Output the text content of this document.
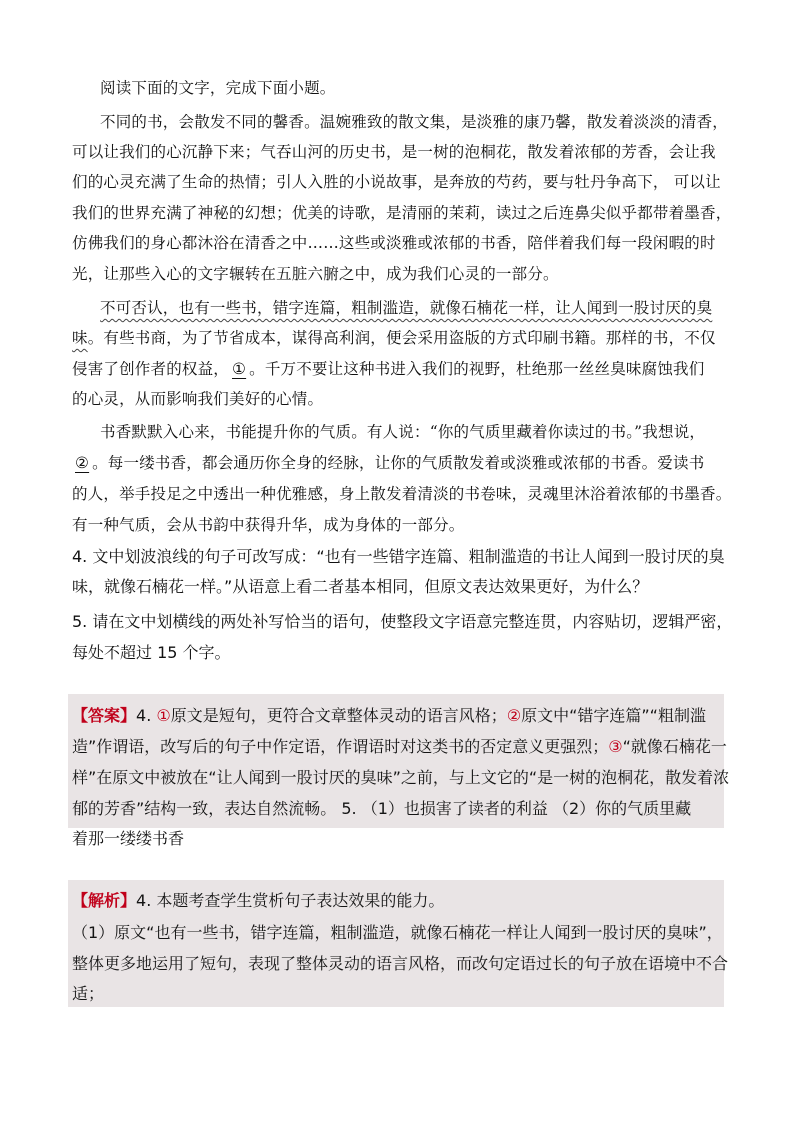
阅读下面的文字，完成下面小题。
不同的书，会散发不同的馨香。温婉雅致的散文集，是淡雅的康乃馨，散发着淡淡的清香，
可以让我们的心沉静下来；气吞山河的历史书，是一树的泡桐花，散发着浓郁的芳香，会让我
们的心灵充满了生命的热情；引人入胜的小说故事，是奔放的芍药，要与牡丹争高下， 可以让
我们的世界充满了神秘的幻想；优美的诗歌，是清丽的茉莉，读过之后连鼻尖似乎都带着墨香，
仿佛我们的身心都沐浴在清香之中……这些或淡雅或浓郁的书香，陪伴着我们每一段闲暇的时
光，让那些入心的文字辗转在五脏六腑之中，成为我们心灵的一部分。
不可否认，也有一些书，错字连篇，粗制滥造，就像石楠花一样，让人闻到一股讨厌的臭
味。有些书商，为了节省成本，谋得高利润，便会采用盗版的方式印刷书籍。那样的书，不仅
侵害了创作者的权益， ① 。千万不要让这种书进入我们的视野，杜绝那一丝丝臭味腐蚀我们
的心灵，从而影响我们美好的心情。
书香默默入心来，书能提升你的气质。有人说：“你的气质里藏着你读过的书。”我想说，
② 。每一缕书香，都会通历你全身的经脉，让你的气质散发着或淡雅或浓郁的书香。爱读书
的人，举手投足之中透出一种优雅感，身上散发着清淡的书卷味，灵魂里沐浴着浓郁的书墨香。
有一种气质，会从书韵中获得升华，成为身体的一部分。
4. 文中划波浪线的句子可改写成：“也有一些错字连篇、粗制滥造的书让人闻到一股讨厌的臭
味，就像石楠花一样。”从语意上看二者基本相同，但原文表达效果更好，为什么？
5. 请在文中划横线的两处补写恰当的语句，使整段文字语意完整连贯，内容贴切，逻辑严密，
每处不超过 15 个字。
【答案】4. ①原文是短句，更符合文章整体灵动的语言风格；②原文中“错字连篇”“粗制滥
造”作谓语，改写后的句子中作定语，作谓语时对这类书的否定意义更强烈；③“就像石楠花一
样”在原文中被放在“让人闻到一股讨厌的臭味”之前，与上文它的“是一树的泡桐花，散发着浓
郁的芳香”结构一致，表达自然流畅。 5. （1）也损害了读者的利益 （2）你的气质里藏
着那一缕缕书香
【解析】4. 本题考查学生赏析句子表达效果的能力。
（1）原文“也有一些书，错字连篇，粗制滥造，就像石楠花一样让人闻到一股讨厌的臭味”，
整体更多地运用了短句，表现了整体灵动的语言风格，而改句定语过长的句子放在语境中不合
适；
